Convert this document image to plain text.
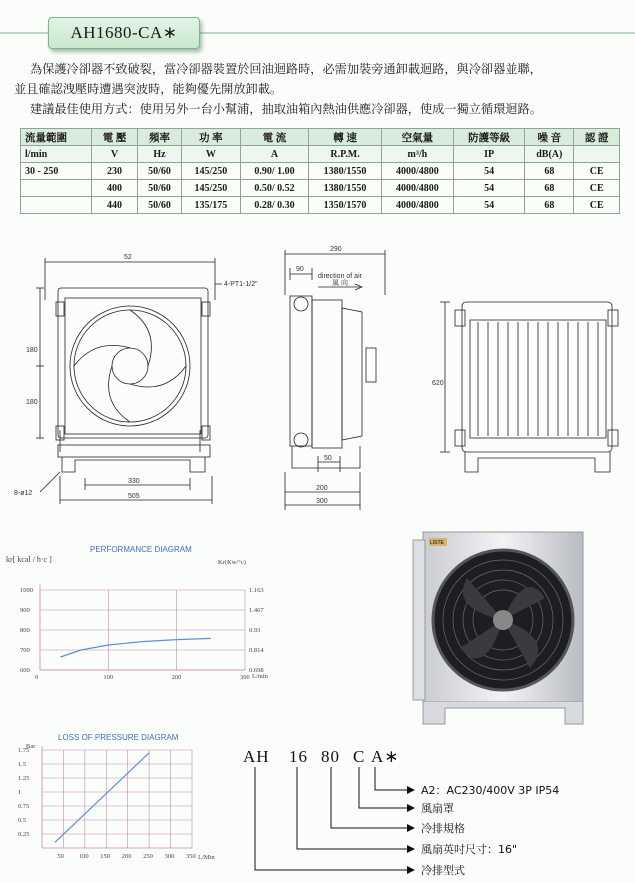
AH1680-CA∗
為保護冷卻器不致破裂，當冷卻器裝置於回油迴路時，必需加裝旁通卸載迴路，與冷卻器並聯，
並且確認洩壓時遭遇突波時，能夠優先開放卸載。
建議最佳使用方式：使用另外一台小幫浦，抽取油箱內熱油供應冷卻器，使成一獨立循環迴路。
流量範圍	電 壓	頻率	功 率	電 流	轉 速	空氣量	防護等級	噪 音	認 證
l/min	V	Hz	W	A	R.P.M.	m³/h	IP	dB(A)	
30 - 250	230	50/60	145/250	0.90/ 1.00	1380/1550	4000/4800	54	68	CE
	400	50/60	145/250	0.50/ 0.52	1380/1550	4000/4800	54	68	CE
	440	50/60	135/175	0.28/ 0.30	1350/1570	4000/4800	54	68	CE
52
4-PT1-1/2"
180
180
330
505
8-ø12
290
90
direction of air
風 向
50
200
300
620
LISTE
PERFORMANCE DIAGRAM
kr[ kcal / h·c ]	Kr(Kw/°c)
L/min
1000	1.163
900	1.467
800	0.93
700	0.814
600	0.698
0	100	200	300
LOSS OF PRESSURE DIAGRAM
Bar
L/Min
1.75
1.5
1.25
1
0.75
0.5
0.25
50 100 150 200 250 300 350
AH 16 80 C A∗
A2：AC230/400V 3P IP54
風扇罩
冷排規格
風扇英吋尺寸：16"
冷排型式
